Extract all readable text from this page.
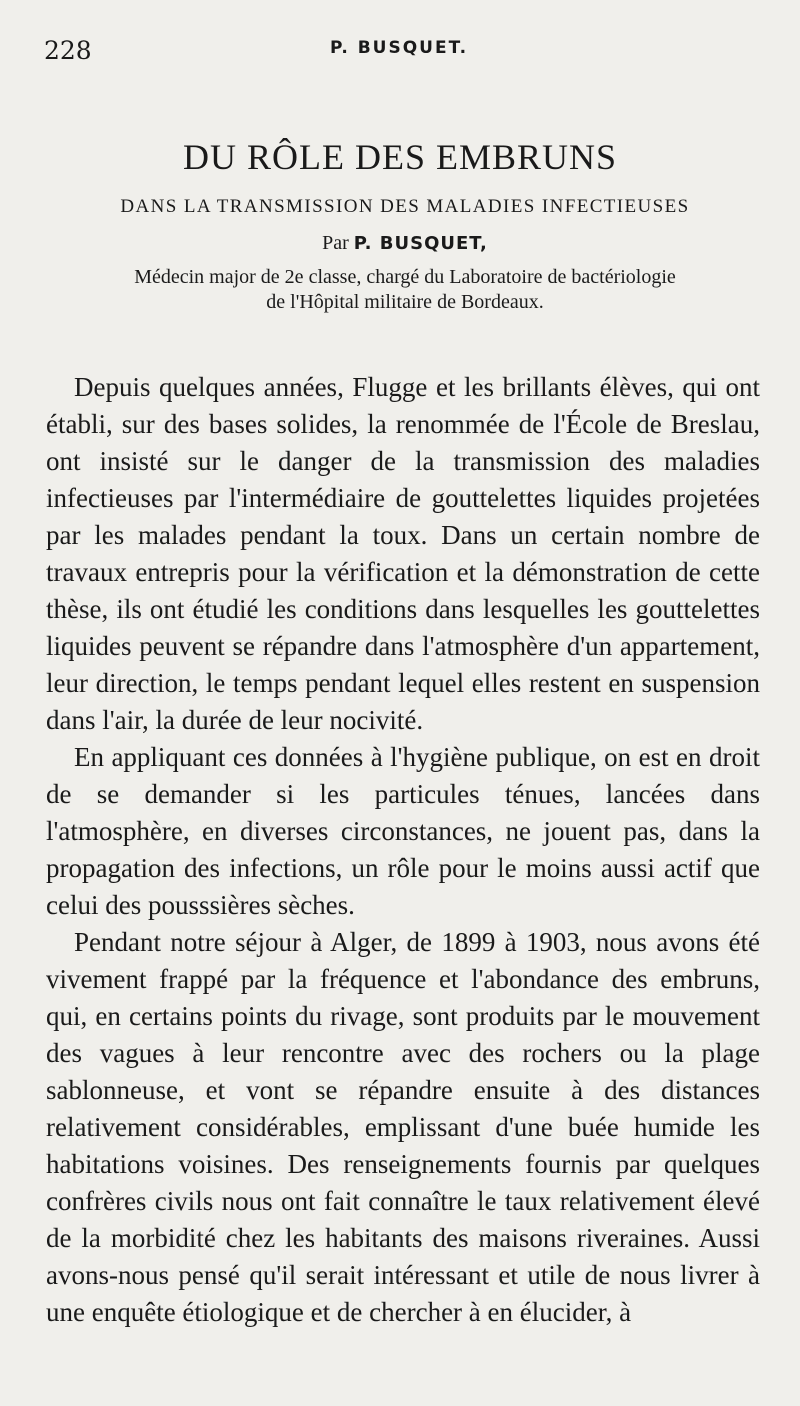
228	P. BUSQUET.
DU RÔLE DES EMBRUNS
DANS LA TRANSMISSION DES MALADIES INFECTIEUSES
Par P. BUSQUET,
Médecin major de 2e classe, chargé du Laboratoire de bactériologie
de l'Hôpital militaire de Bordeaux.

Depuis quelques années, Flugge et les brillants élèves, qui ont établi, sur des bases solides, la renommée de l'École de Breslau, ont insisté sur le danger de la transmission des maladies infectieuses par l'intermédiaire de gouttelettes liquides projetées par les malades pendant la toux. Dans un certain nombre de travaux entrepris pour la vérification et la démonstration de cette thèse, ils ont étudié les conditions dans lesquelles les gouttelettes liquides peuvent se répandre dans l'atmosphère d'un appartement, leur direction, le temps pendant lequel elles restent en suspension dans l'air, la durée de leur nocivité.

En appliquant ces données à l'hygiène publique, on est en droit de se demander si les particules ténues, lancées dans l'atmosphère, en diverses circonstances, ne jouent pas, dans la propagation des infections, un rôle pour le moins aussi actif que celui des pousssières sèches.

Pendant notre séjour à Alger, de 1899 à 1903, nous avons été vivement frappé par la fréquence et l'abondance des embruns, qui, en certains points du rivage, sont produits par le mouvement des vagues à leur rencontre avec des rochers ou la plage sablonneuse, et vont se répandre ensuite à des distances relativement considérables, emplissant d'une buée humide les habitations voisines. Des renseignements fournis par quelques confrères civils nous ont fait connaître le taux relativement élevé de la morbidité chez les habitants des maisons riveraines. Aussi avons-nous pensé qu'il serait intéressant et utile de nous livrer à une enquête étiologique et de chercher à en élucider, à
